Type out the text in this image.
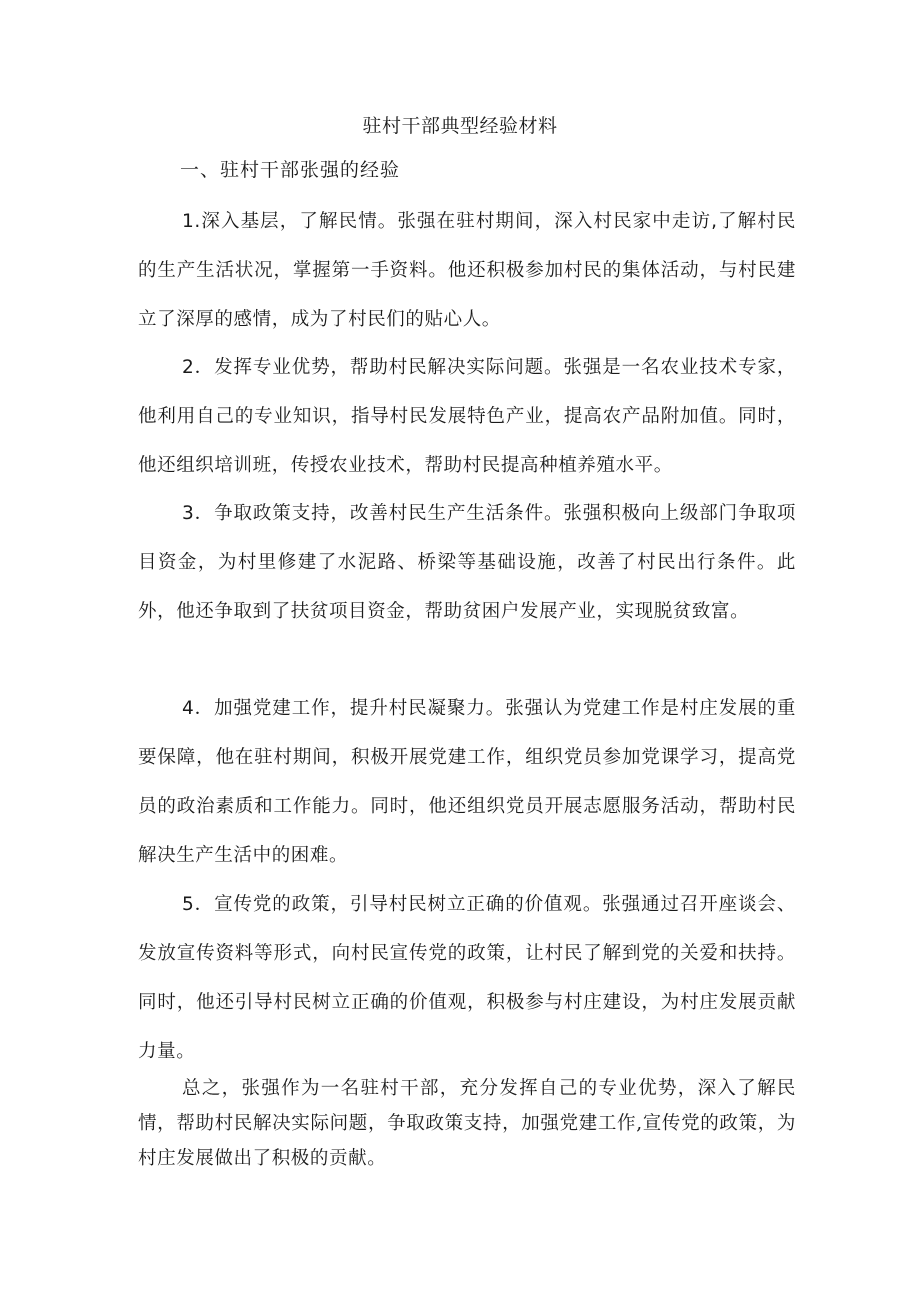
驻村干部典型经验材料
一、驻村干部张强的经验

1.深入基层，了解民情。张强在驻村期间，深入村民家中走访,了解村民的生产生活状况，掌握第一手资料。他还积极参加村民的集体活动，与村民建立了深厚的感情，成为了村民们的贴心人。

2．发挥专业优势，帮助村民解决实际问题。张强是一名农业技术专家，他利用自己的专业知识，指导村民发展特色产业，提高农产品附加值。同时，他还组织培训班，传授农业技术，帮助村民提高种植养殖水平。

3．争取政策支持，改善村民生产生活条件。张强积极向上级部门争取项目资金，为村里修建了水泥路、桥梁等基础设施，改善了村民出行条件。此外，他还争取到了扶贫项目资金，帮助贫困户发展产业，实现脱贫致富。

4．加强党建工作，提升村民凝聚力。张强认为党建工作是村庄发展的重要保障，他在驻村期间，积极开展党建工作，组织党员参加党课学习，提高党员的政治素质和工作能力。同时，他还组织党员开展志愿服务活动，帮助村民解决生产生活中的困难。

5．宣传党的政策，引导村民树立正确的价值观。张强通过召开座谈会、发放宣传资料等形式，向村民宣传党的政策，让村民了解到党的关爱和扶持。同时，他还引导村民树立正确的价值观，积极参与村庄建设，为村庄发展贡献力量。

总之，张强作为一名驻村干部，充分发挥自己的专业优势，深入了解民情，帮助村民解决实际问题，争取政策支持，加强党建工作,宣传党的政策，为村庄发展做出了积极的贡献。
